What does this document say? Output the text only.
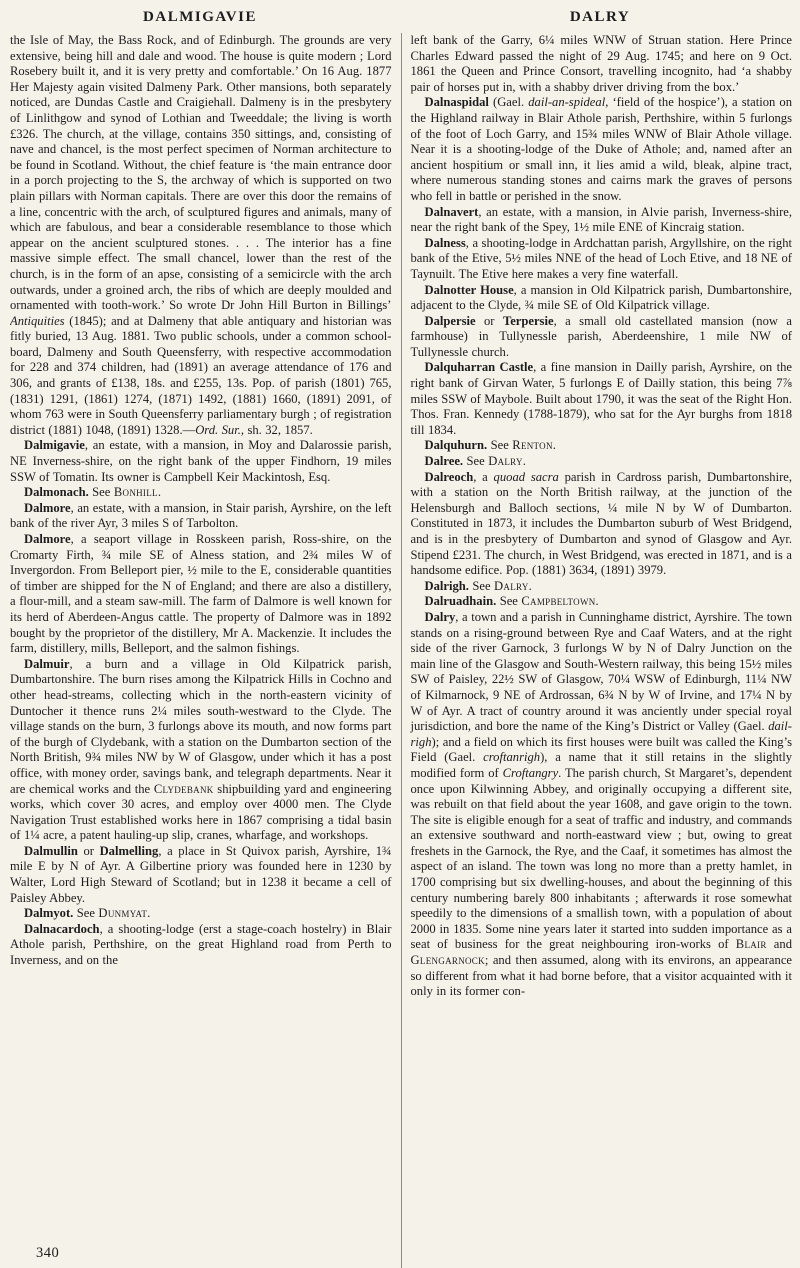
DALMIGAVIE	DALRY

the Isle of May, the Bass Rock, and of Edinburgh. The grounds are very extensive, being hill and dale and wood. The house is quite modern ; Lord Rosebery built it, and it is very pretty and comfortable.’ On 16 Aug. 1877 Her Majesty again visited Dalmeny Park. Other mansions, both separately noticed, are Dundas Castle and Craigiehall. Dalmeny is in the presbytery of Linlithgow and synod of Lothian and Tweeddale; the living is worth £326. The church, at the village, contains 350 sittings, and, consisting of nave and chancel, is the most perfect specimen of Norman architecture to be found in Scotland. Without, the chief feature is ‘the main entrance door in a porch projecting to the S, the archway of which is supported on two plain pillars with Norman capitals. There are over this door the remains of a line, concentric with the arch, of sculptured figures and animals, many of which are fabulous, and bear a considerable resemblance to those which appear on the ancient sculptured stones. . . . The interior has a fine massive simple effect. The small chancel, lower than the rest of the church, is in the form of an apse, consisting of a semicircle with the arch outwards, under a groined arch, the ribs of which are deeply moulded and ornamented with tooth-work.’ So wrote Dr John Hill Burton in Billings’ Antiquities (1845); and at Dalmeny that able antiquary and historian was fitly buried, 13 Aug. 1881. Two public schools, under a common school-board, Dalmeny and South Queensferry, with respective accommodation for 228 and 374 children, had (1891) an average attendance of 176 and 306, and grants of £138, 18s. and £255, 13s. Pop. of parish (1801) 765, (1831) 1291, (1861) 1274, (1871) 1492, (1881) 1660, (1891) 2091, of whom 763 were in South Queensferry parliamentary burgh ; of registration district (1881) 1048, (1891) 1328.—Ord. Sur., sh. 32, 1857.

Dalmigavie, an estate, with a mansion, in Moy and Dalarossie parish, NE Inverness-shire, on the right bank of the upper Findhorn, 19 miles SSW of Tomatin. Its owner is Campbell Keir Mackintosh, Esq.

Dalmonach. See Bonhill.

Dalmore, an estate, with a mansion, in Stair parish, Ayrshire, on the left bank of the river Ayr, 3 miles S of Tarbolton.

Dalmore, a seaport village in Rosskeen parish, Ross-shire, on the Cromarty Firth, ¾ mile SE of Alness station, and 2¾ miles W of Invergordon. From Belleport pier, ½ mile to the E, considerable quantities of timber are shipped for the N of England; and there are also a distillery, a flour-mill, and a steam saw-mill. The farm of Dalmore is well known for its herd of Aberdeen-Angus cattle. The property of Dalmore was in 1892 bought by the proprietor of the distillery, Mr A. Mackenzie. It includes the farm, distillery, mills, Belleport, and the salmon fishings.

Dalmuir, a burn and a village in Old Kilpatrick parish, Dumbartonshire. The burn rises among the Kilpatrick Hills in Cochno and other head-streams, collecting which in the north-eastern vicinity of Duntocher it thence runs 2¼ miles south-westward to the Clyde. The village stands on the burn, 3 furlongs above its mouth, and now forms part of the burgh of Clydebank, with a station on the Dumbarton section of the North British, 9¾ miles NW by W of Glasgow, under which it has a post office, with money order, savings bank, and telegraph departments. Near it are chemical works and the Clydebank shipbuilding yard and engineering works, which cover 30 acres, and employ over 4000 men. The Clyde Navigation Trust established works here in 1867 comprising a tidal basin of 1¼ acre, a patent hauling-up slip, cranes, wharfage, and workshops.

Dalmullin or Dalmelling, a place in St Quivox parish, Ayrshire, 1¾ mile E by N of Ayr. A Gilbertine priory was founded here in 1230 by Walter, Lord High Steward of Scotland; but in 1238 it became a cell of Paisley Abbey.

Dalmyot. See Dunmyat.

Dalnacardoch, a shooting-lodge (erst a stage-coach hostelry) in Blair Athole parish, Perthshire, on the great Highland road from Perth to Inverness, and on the

left bank of the Garry, 6¼ miles WNW of Struan station. Here Prince Charles Edward passed the night of 29 Aug. 1745; and here on 9 Oct. 1861 the Queen and Prince Consort, travelling incognito, had ‘a shabby pair of horses put in, with a shabby driver driving from the box.’

Dalnaspidal (Gael. dail-an-spideal, ‘field of the hospice’), a station on the Highland railway in Blair Athole parish, Perthshire, within 5 furlongs of the foot of Loch Garry, and 15¾ miles WNW of Blair Athole village. Near it is a shooting-lodge of the Duke of Athole; and, named after an ancient hospitium or small inn, it lies amid a wild, bleak, alpine tract, where numerous standing stones and cairns mark the graves of persons who fell in battle or perished in the snow.

Dalnavert, an estate, with a mansion, in Alvie parish, Inverness-shire, near the right bank of the Spey, 1½ mile ENE of Kincraig station.

Dalness, a shooting-lodge in Ardchattan parish, Argyllshire, on the right bank of the Etive, 5½ miles NNE of the head of Loch Etive, and 18 NE of Taynuilt. The Etive here makes a very fine waterfall.

Dalnotter House, a mansion in Old Kilpatrick parish, Dumbartonshire, adjacent to the Clyde, ¾ mile SE of Old Kilpatrick village.

Dalpersie or Terpersie, a small old castellated mansion (now a farmhouse) in Tullynessle parish, Aberdeenshire, 1 mile NW of Tullynessle church.

Dalquharran Castle, a fine mansion in Dailly parish, Ayrshire, on the right bank of Girvan Water, 5 furlongs E of Dailly station, this being 7⅞ miles SSW of Maybole. Built about 1790, it was the seat of the Right Hon. Thos. Fran. Kennedy (1788-1879), who sat for the Ayr burghs from 1818 till 1834.

Dalquhurn. See Renton.

Dalree. See Dalry.

Dalreoch, a quoad sacra parish in Cardross parish, Dumbartonshire, with a station on the North British railway, at the junction of the Helensburgh and Balloch sections, ¼ mile N by W of Dumbarton. Constituted in 1873, it includes the Dumbarton suburb of West Bridgend, and is in the presbytery of Dumbarton and synod of Glasgow and Ayr. Stipend £231. The church, in West Bridgend, was erected in 1871, and is a handsome edifice. Pop. (1881) 3634, (1891) 3979.

Dalrigh. See Dalry.

Dalruadhain. See Campbeltown.

Dalry, a town and a parish in Cunninghame district, Ayrshire. The town stands on a rising-ground between Rye and Caaf Waters, and at the right side of the river Garnock, 3 furlongs W by N of Dalry Junction on the main line of the Glasgow and South-Western railway, this being 15½ miles SW of Paisley, 22½ SW of Glasgow, 70¼ WSW of Edinburgh, 11¼ NW of Kilmarnock, 9 NE of Ardrossan, 6¾ N by W of Irvine, and 17¼ N by W of Ayr. A tract of country around it was anciently under special royal jurisdiction, and bore the name of the King’s District or Valley (Gael. dail-righ); and a field on which its first houses were built was called the King’s Field (Gael. croftanrigh), a name that it still retains in the slightly modified form of Croftangry. The parish church, St Margaret’s, dependent once upon Kilwinning Abbey, and originally occupying a different site, was rebuilt on that field about the year 1608, and gave origin to the town. The site is eligible enough for a seat of traffic and industry, and commands an extensive southward and north-eastward view ; but, owing to great freshets in the Garnock, the Rye, and the Caaf, it sometimes has almost the aspect of an island. The town was long no more than a pretty hamlet, in 1700 comprising but six dwelling-houses, and about the beginning of this century numbering barely 800 inhabitants ; afterwards it rose somewhat speedily to the dimensions of a smallish town, with a population of about 2000 in 1835. Some nine years later it started into sudden importance as a seat of business for the great neighbouring iron-works of Blair and Glengarnock; and then assumed, along with its environs, an appearance so different from what it had borne before, that a visitor acquainted with it only in its former con-

340
